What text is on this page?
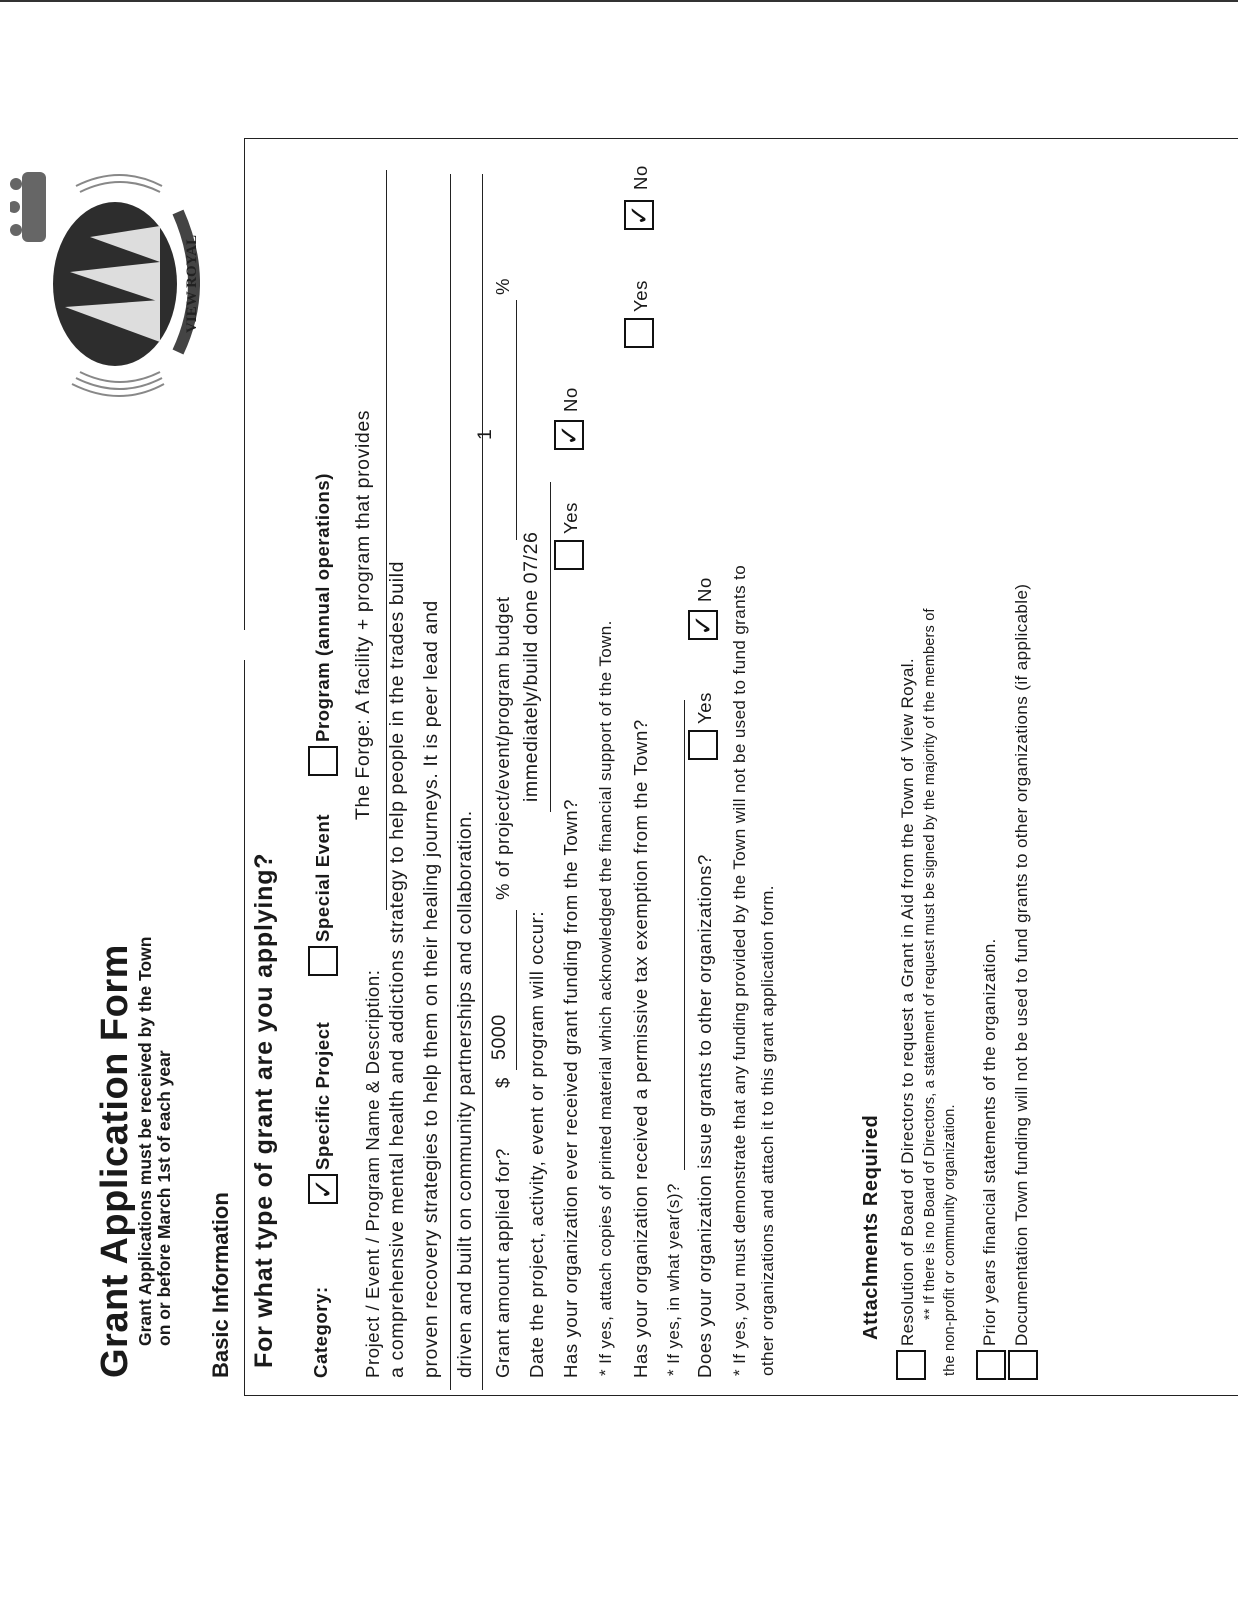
Grant Application Form Grant Applications must be received by the Town on or before March 1st of each year
VIEW ROYAL
Basic Information For what type of grant are you applying? Category:
✓
Specific Project
Special Event
Program (annual operations)
Project / Event / Program Name & Description:
The Forge: A facility + program that provides a comprehensive mental health and addictions strategy to help people in the trades build proven recovery strategies to help them on their healing journeys. It is peer lead and driven and built on community partnerships and collaboration. Grant amount applied for?
$
5000
% of project/event/program budget
1
%
Date the project, activity, event or program will occur:
immediately/build done 07/26
Has your organization ever received grant funding from the Town?
Yes
✓
No
* If yes, attach copies of printed material which acknowledged the financial support of the Town. Has your organization received a permissive tax exemption from the Town?
Yes
✓
No
* If yes, in what year(s)? Does your organization issue grants to other organizations?
Yes
✓
No * If yes, you must demonstrate that any funding provided by the Town will not be used to fund grants to other organizations and attach it to this grant application form.	Attachments Required Resolution of Board of Directors to request a Grant in Aid from the Town of View Royal. ** If there is no Board of Directors, a statement of request must be signed by the majority of the members of the non-profit or community organization. Prior years financial statements of the organization. Documentation Town funding will not be used to fund grants to other organizations (if applicable)
